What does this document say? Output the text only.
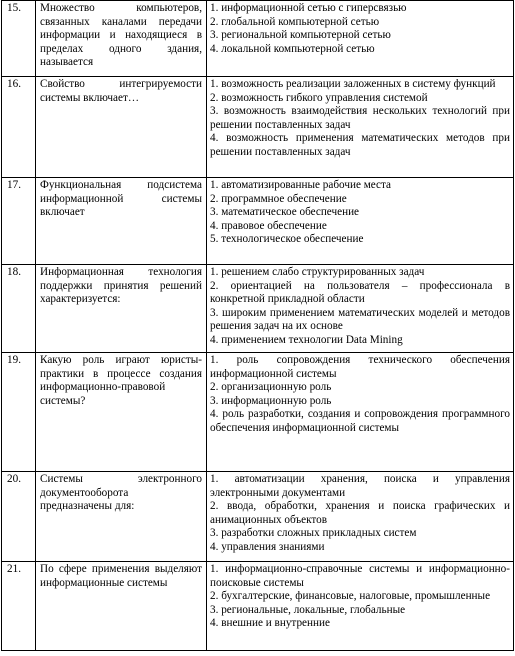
15.	Множество компьютеров, связанных каналами передачи информации и находящиеся в пределах одного здания, называется	1. информационной сетью с гиперсвязью
2. глобальной компьютерной сетью
3. региональной компьютерной сетью
4. локальной компьютерной сетью

16.	Свойство интегрируемости системы включает…	1. возможность реализации заложенных в систему функций
2. возможность гибкого управления системой
3. возможность взаимодействия нескольких технологий при решении поставленных задач
4. возможность применения математических методов при решении поставленных задач

17.	Функциональная подсистема информационной системы включает	1. автоматизированные рабочие места
2. программное обеспечение
3. математическое обеспечение
4. правовое обеспечение
5. технологическое обеспечение

18.	Информационная технология поддержки принятия решений характеризуется:	1. решением слабо структурированных задач
2. ориентацией на пользователя – профессионала в конкретной прикладной области
3. широким применением математических моделей и методов решения задач на их основе
4. применением технологии Data Mining

19.	Какую роль играют юристы-практики в процессе создания информационно-правовой системы?	1. роль сопровождения технического обеспечения информационной системы
2. организационную роль
3. информационную роль
4. роль разработки, создания и сопровождения программного обеспечения информационной системы

20.	Системы электронного документооборота предназначены для:	1. автоматизации хранения, поиска и управления электронными документами
2. ввода, обработки, хранения и поиска графических и анимационных объектов
3. разработки сложных прикладных систем
4. управления знаниями

21.	По сфере применения выделяют информационные системы	1. информационно-справочные системы и информационно-поисковые системы
2. бухгалтерские, финансовые, налоговые, промышленные
3. региональные, локальные, глобальные
4. внешние и внутренние
